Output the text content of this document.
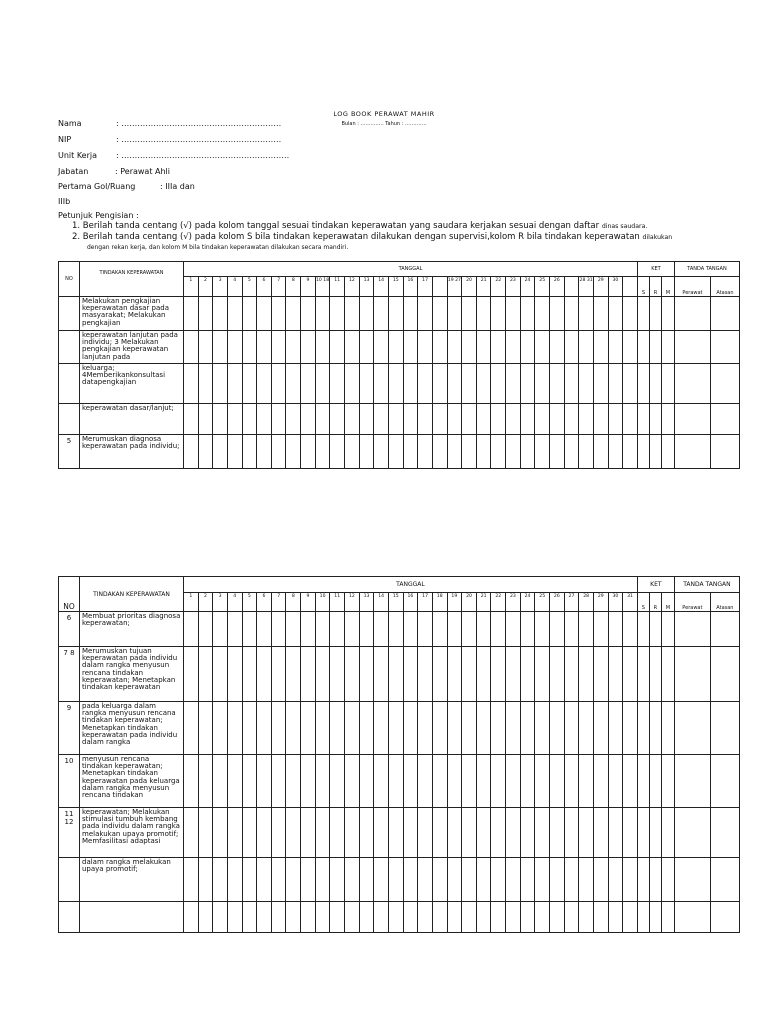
LOG BOOK PERAWAT MAHIR
Bulan : ………….. Tahun : ………….
Nama	: ……………………………………………………
NIP	: ……………………………………………………
Unit Kerja : ………………………………………………………
Jabatan	: Perawat Ahli
Pertama Gol/Ruang	: IIIa dan
IIIb
Petunjuk Pengisian :
1. Berilah tanda centang (√) pada kolom tanggal sesuai tindakan keperawatan yang saudara kerjakan sesuai dengan daftar dinas saudara.
2. Berilah tanda centang (√) pada kolom S bila tindakan keperawatan dilakukan dengan supervisi,kolom R bila tindakan keperawatan dilakukan
dengan rekan kerja, dan kolom M bila tindakan keperawatan dilakukan secara mandiri.
NO	TINDAKAN KEPERAWATAN	TANGGAL																															KET			TANDA TANGAN	
		1	2	3	4	5	6	7	8	9	10 18	11	12	13	14	15	16	17		19 27	20	21	22	23	24	25	26		28 31	29	30		S	R	M	Perawat	Atasan

	Melakukan pengkajian keperawatan dasar pada masyarakat; Melakukan pengkajian																																				
	keperawatan lanjutan pada individu; 3 Melakukan pengkajian keperawatan lanjutan pada																																				
	keluarga; 4Memberikankonsultasi datapengkajian																																				
	keperawatan dasar/lanjut;																																				
5	Merumuskan diagnosa keperawatan pada individu;																																				
NO	TINDAKAN KEPERAWATAN	TANGGAL																															KET			TANDA TANGAN	
		1	2	3	4	5	6	7	8	9	10	11	12	13	14	15	16	17	18	19	20	21	22	23	24	25	26	27	28	29	30	31	S	R	M	Perawat	Atasan

6	Membuat prioritas diagnosa keperawatan;																																				
7 8	Merumuskan tujuan keperawatan pada individu dalam rangka menyusun rencana tindakan keperawatan; Menetapkan tindakan keperawatan																																				
9	pada keluarga dalam rangka menyusun rencana tindakan keperawatan; Menetapkan tindakan keperawatan pada individu dalam rangka																																				
10	menyusun rencana tindakan keperawatan; Menetapkan tindakan keperawatan pada keluarga dalam rangka menyusun rencana tindakan																																				
11 12	keperawatan; Melakukan stimulasi tumbuh kembang pada individu dalam rangka melakukan upaya promotif; Memfasilitasi adaptasi																																				
	dalam rangka melakukan upaya promotif;																																				
